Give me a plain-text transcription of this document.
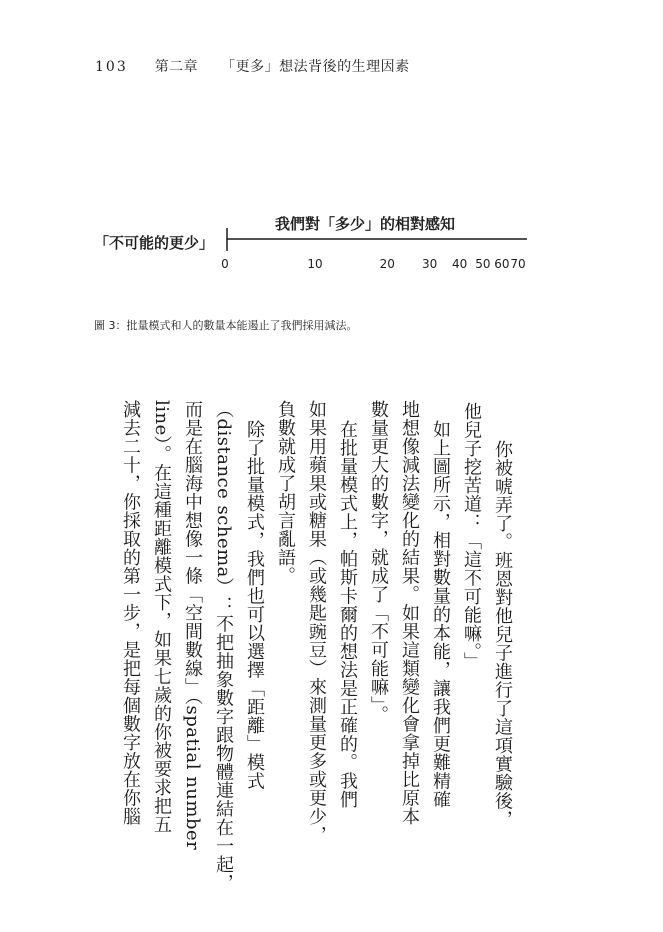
103 第二章 「更多」想法背後的生理因素
我們對「多少」的相對感知
「不可能的更少」
0	10	20 30 40 50 60 70
圖 3：批量模式和人的數量本能遏止了我們採用減法。
你被唬弄了。班恩對他兒子進行了這項實驗後，
他兒子挖苦道：「這不可能嘛。」
如上圖所示，相對數量的本能，讓我們更難精確
地想像減法變化的結果。如果這類變化會拿掉比原本
數量更大的數字，就成了「不可能嘛」。
在批量模式上，帕斯卡爾的想法是正確的。我們
如果用蘋果或糖果（或幾匙豌豆）來測量更多或更少，
負數就成了胡言亂語。
除了批量模式，我們也可以選擇「距離」模式
（distance schema）：不把抽象數字跟物體連結在一起，
而是在腦海中想像一條「空間數線」（spatial number
line）。在這種距離模式下，如果七歲的你被要求把五
減去二十，你採取的第一步，是把每個數字放在你腦
